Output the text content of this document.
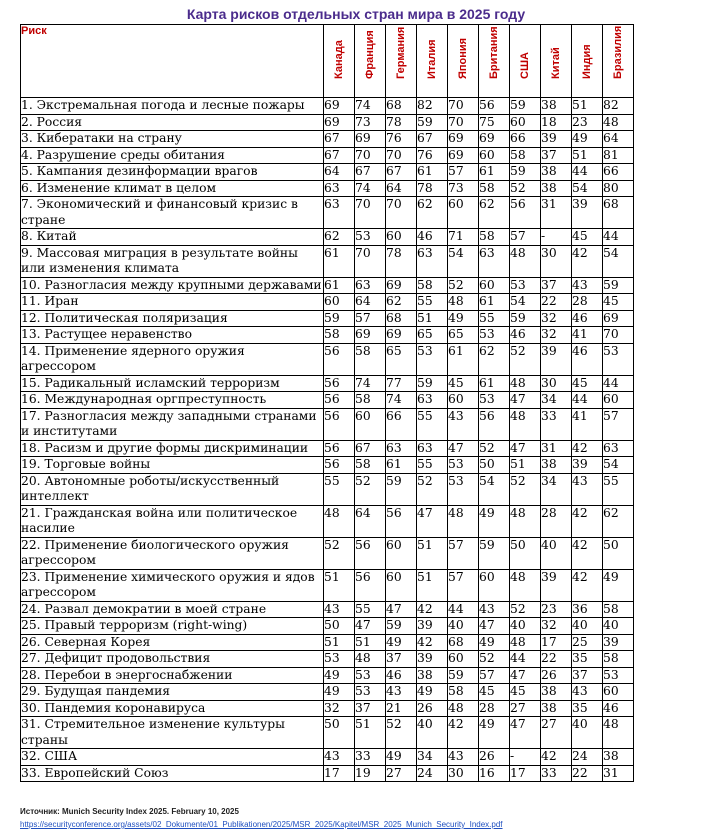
Карта рисков отдельных стран мира в 2025 году
Риск	Канада	Франция	Германия	Италия	Япония	Британия	США	Китай	Индия	Бразилия

1. Экстремальная погода и лесные пожары	69	74	68	82	70	56	59	38	51	82
2. Россия	69	73	78	59	70	75	60	18	23	48
3. Кибератаки на страну	67	69	76	67	69	69	66	39	49	64
4. Разрушение среды обитания	67	70	70	76	69	60	58	37	51	81
5. Кампания дезинформации врагов	64	67	67	61	57	61	59	38	44	66
6. Изменение климат в целом	63	74	64	78	73	58	52	38	54	80
7. Экономический и финансовый кризис в стране	63	70	70	62	60	62	56	31	39	68
8. Китай	62	53	60	46	71	58	57	-	45	44
9. Массовая миграция в результате войны или изменения климата	61	70	78	63	54	63	48	30	42	54
10. Разногласия между крупными державами	61	63	69	58	52	60	53	37	43	59
11. Иран	60	64	62	55	48	61	54	22	28	45
12. Политическая поляризация	59	57	68	51	49	55	59	32	46	69
13. Растущее неравенство	58	69	69	65	65	53	46	32	41	70
14. Применение ядерного оружия агрессором	56	58	65	53	61	62	52	39	46	53
15. Радикальный исламский терроризм	56	74	77	59	45	61	48	30	45	44
16. Международная оргпреступность	56	58	74	63	60	53	47	34	44	60
17. Разногласия между западными странами и институтами	56	60	66	55	43	56	48	33	41	57
18. Расизм и другие формы дискриминации	56	67	63	63	47	52	47	31	42	63
19. Торговые войны	56	58	61	55	53	50	51	38	39	54
20. Автономные роботы/искусственный интеллект	55	52	59	52	53	54	52	34	43	55
21. Гражданская война или политическое насилие	48	64	56	47	48	49	48	28	42	62
22. Применение биологического оружия агрессором	52	56	60	51	57	59	50	40	42	50
23. Применение химического оружия и ядов агрессором	51	56	60	51	57	60	48	39	42	49
24. Развал демократии в моей стране	43	55	47	42	44	43	52	23	36	58
25. Правый терроризм (right-wing)	50	47	59	39	40	47	40	32	40	40
26. Северная Корея	51	51	49	42	68	49	48	17	25	39
27. Дефицит продовольствия	53	48	37	39	60	52	44	22	35	58
28. Перебои в энергоснабжении	49	53	46	38	59	57	47	26	37	53
29. Будущая пандемия	49	53	43	49	58	45	45	38	43	60
30. Пандемия коронавируса	32	37	21	26	48	28	27	38	35	46
31. Стремительное изменение культуры страны	50	51	52	40	42	49	47	27	40	48
32. США	43	33	49	34	43	26	-	42	24	38
33. Европейский Союз	17	19	27	24	30	16	17	33	22	31
Источник: Munich Security Index 2025. February 10, 2025
https://securityconference.org/assets/02_Dokumente/01_Publikationen/2025/MSR_2025/Kapitel/MSR_2025_Munich_Security_Index.pdf
